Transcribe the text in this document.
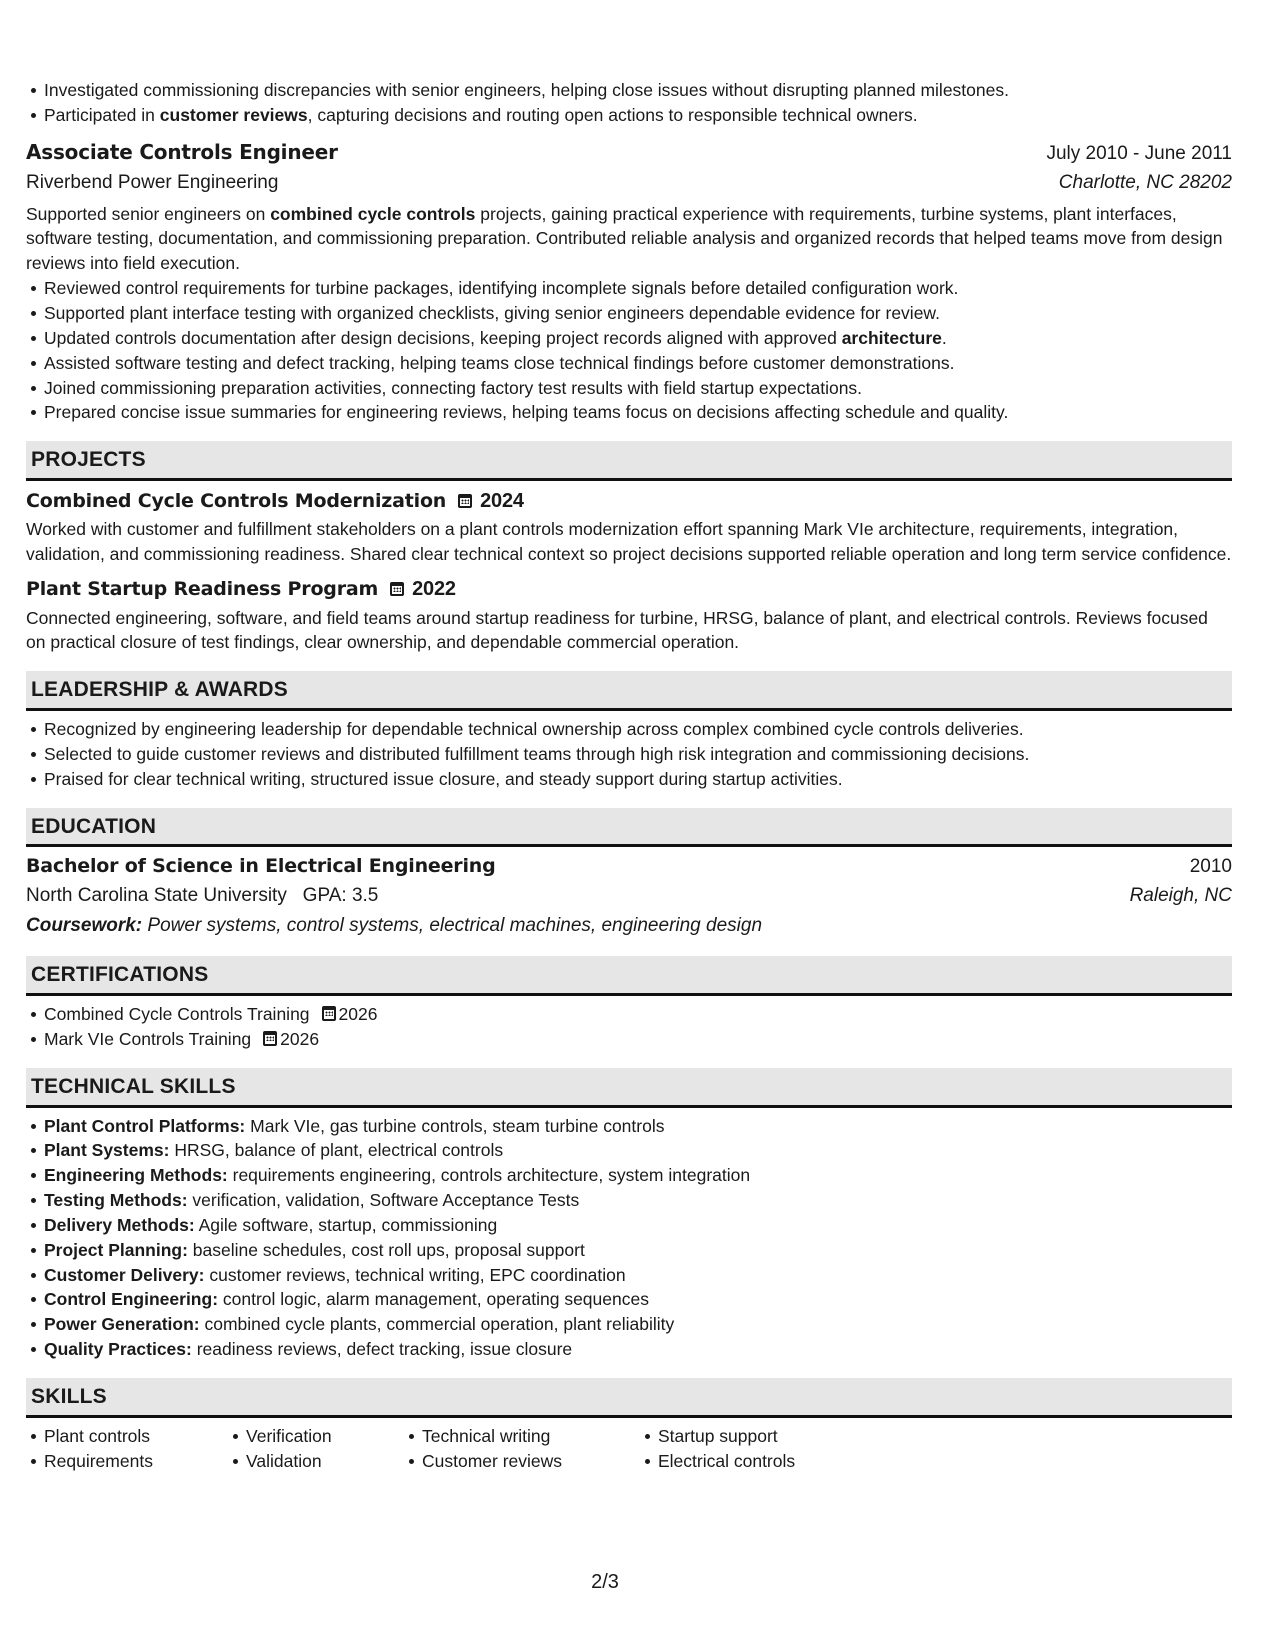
Investigated commissioning discrepancies with senior engineers, helping close issues without disrupting planned milestones.
Participated in customer reviews, capturing decisions and routing open actions to responsible technical owners.
Associate Controls Engineer	July 2010 - June 2011
Riverbend Power Engineering	Charlotte, NC 28202
Supported senior engineers on combined cycle controls projects, gaining practical experience with requirements, turbine systems, plant interfaces, software testing, documentation, and commissioning preparation. Contributed reliable analysis and organized records that helped teams move from design reviews into field execution.
Reviewed control requirements for turbine packages, identifying incomplete signals before detailed configuration work.
Supported plant interface testing with organized checklists, giving senior engineers dependable evidence for review.
Updated controls documentation after design decisions, keeping project records aligned with approved architecture.
Assisted software testing and defect tracking, helping teams close technical findings before customer demonstrations.
Joined commissioning preparation activities, connecting factory test results with field startup expectations.
Prepared concise issue summaries for engineering reviews, helping teams focus on decisions affecting schedule and quality.
PROJECTS
Combined Cycle Controls Modernization 2024
Worked with customer and fulfillment stakeholders on a plant controls modernization effort spanning Mark VIe architecture, requirements, integration, validation, and commissioning readiness. Shared clear technical context so project decisions supported reliable operation and long term service confidence.
Plant Startup Readiness Program 2022
Connected engineering, software, and field teams around startup readiness for turbine, HRSG, balance of plant, and electrical controls. Reviews focused on practical closure of test findings, clear ownership, and dependable commercial operation.
LEADERSHIP & AWARDS
Recognized by engineering leadership for dependable technical ownership across complex combined cycle controls deliveries.
Selected to guide customer reviews and distributed fulfillment teams through high risk integration and commissioning decisions.
Praised for clear technical writing, structured issue closure, and steady support during startup activities.
EDUCATION
Bachelor of Science in Electrical Engineering	2010
North Carolina State University GPA: 3.5	Raleigh, NC
Coursework: Power systems, control systems, electrical machines, engineering design
CERTIFICATIONS
Combined Cycle Controls Training 2026
Mark VIe Controls Training 2026
TECHNICAL SKILLS
Plant Control Platforms: Mark VIe, gas turbine controls, steam turbine controls
Plant Systems: HRSG, balance of plant, electrical controls
Engineering Methods: requirements engineering, controls architecture, system integration
Testing Methods: verification, validation, Software Acceptance Tests
Delivery Methods: Agile software, startup, commissioning
Project Planning: baseline schedules, cost roll ups, proposal support
Customer Delivery: customer reviews, technical writing, EPC coordination
Control Engineering: control logic, alarm management, operating sequences
Power Generation: combined cycle plants, commercial operation, plant reliability
Quality Practices: readiness reviews, defect tracking, issue closure
SKILLS
Plant controls
Requirements
Verification
Validation
Technical writing
Customer reviews
Startup support
Electrical controls
2/3
